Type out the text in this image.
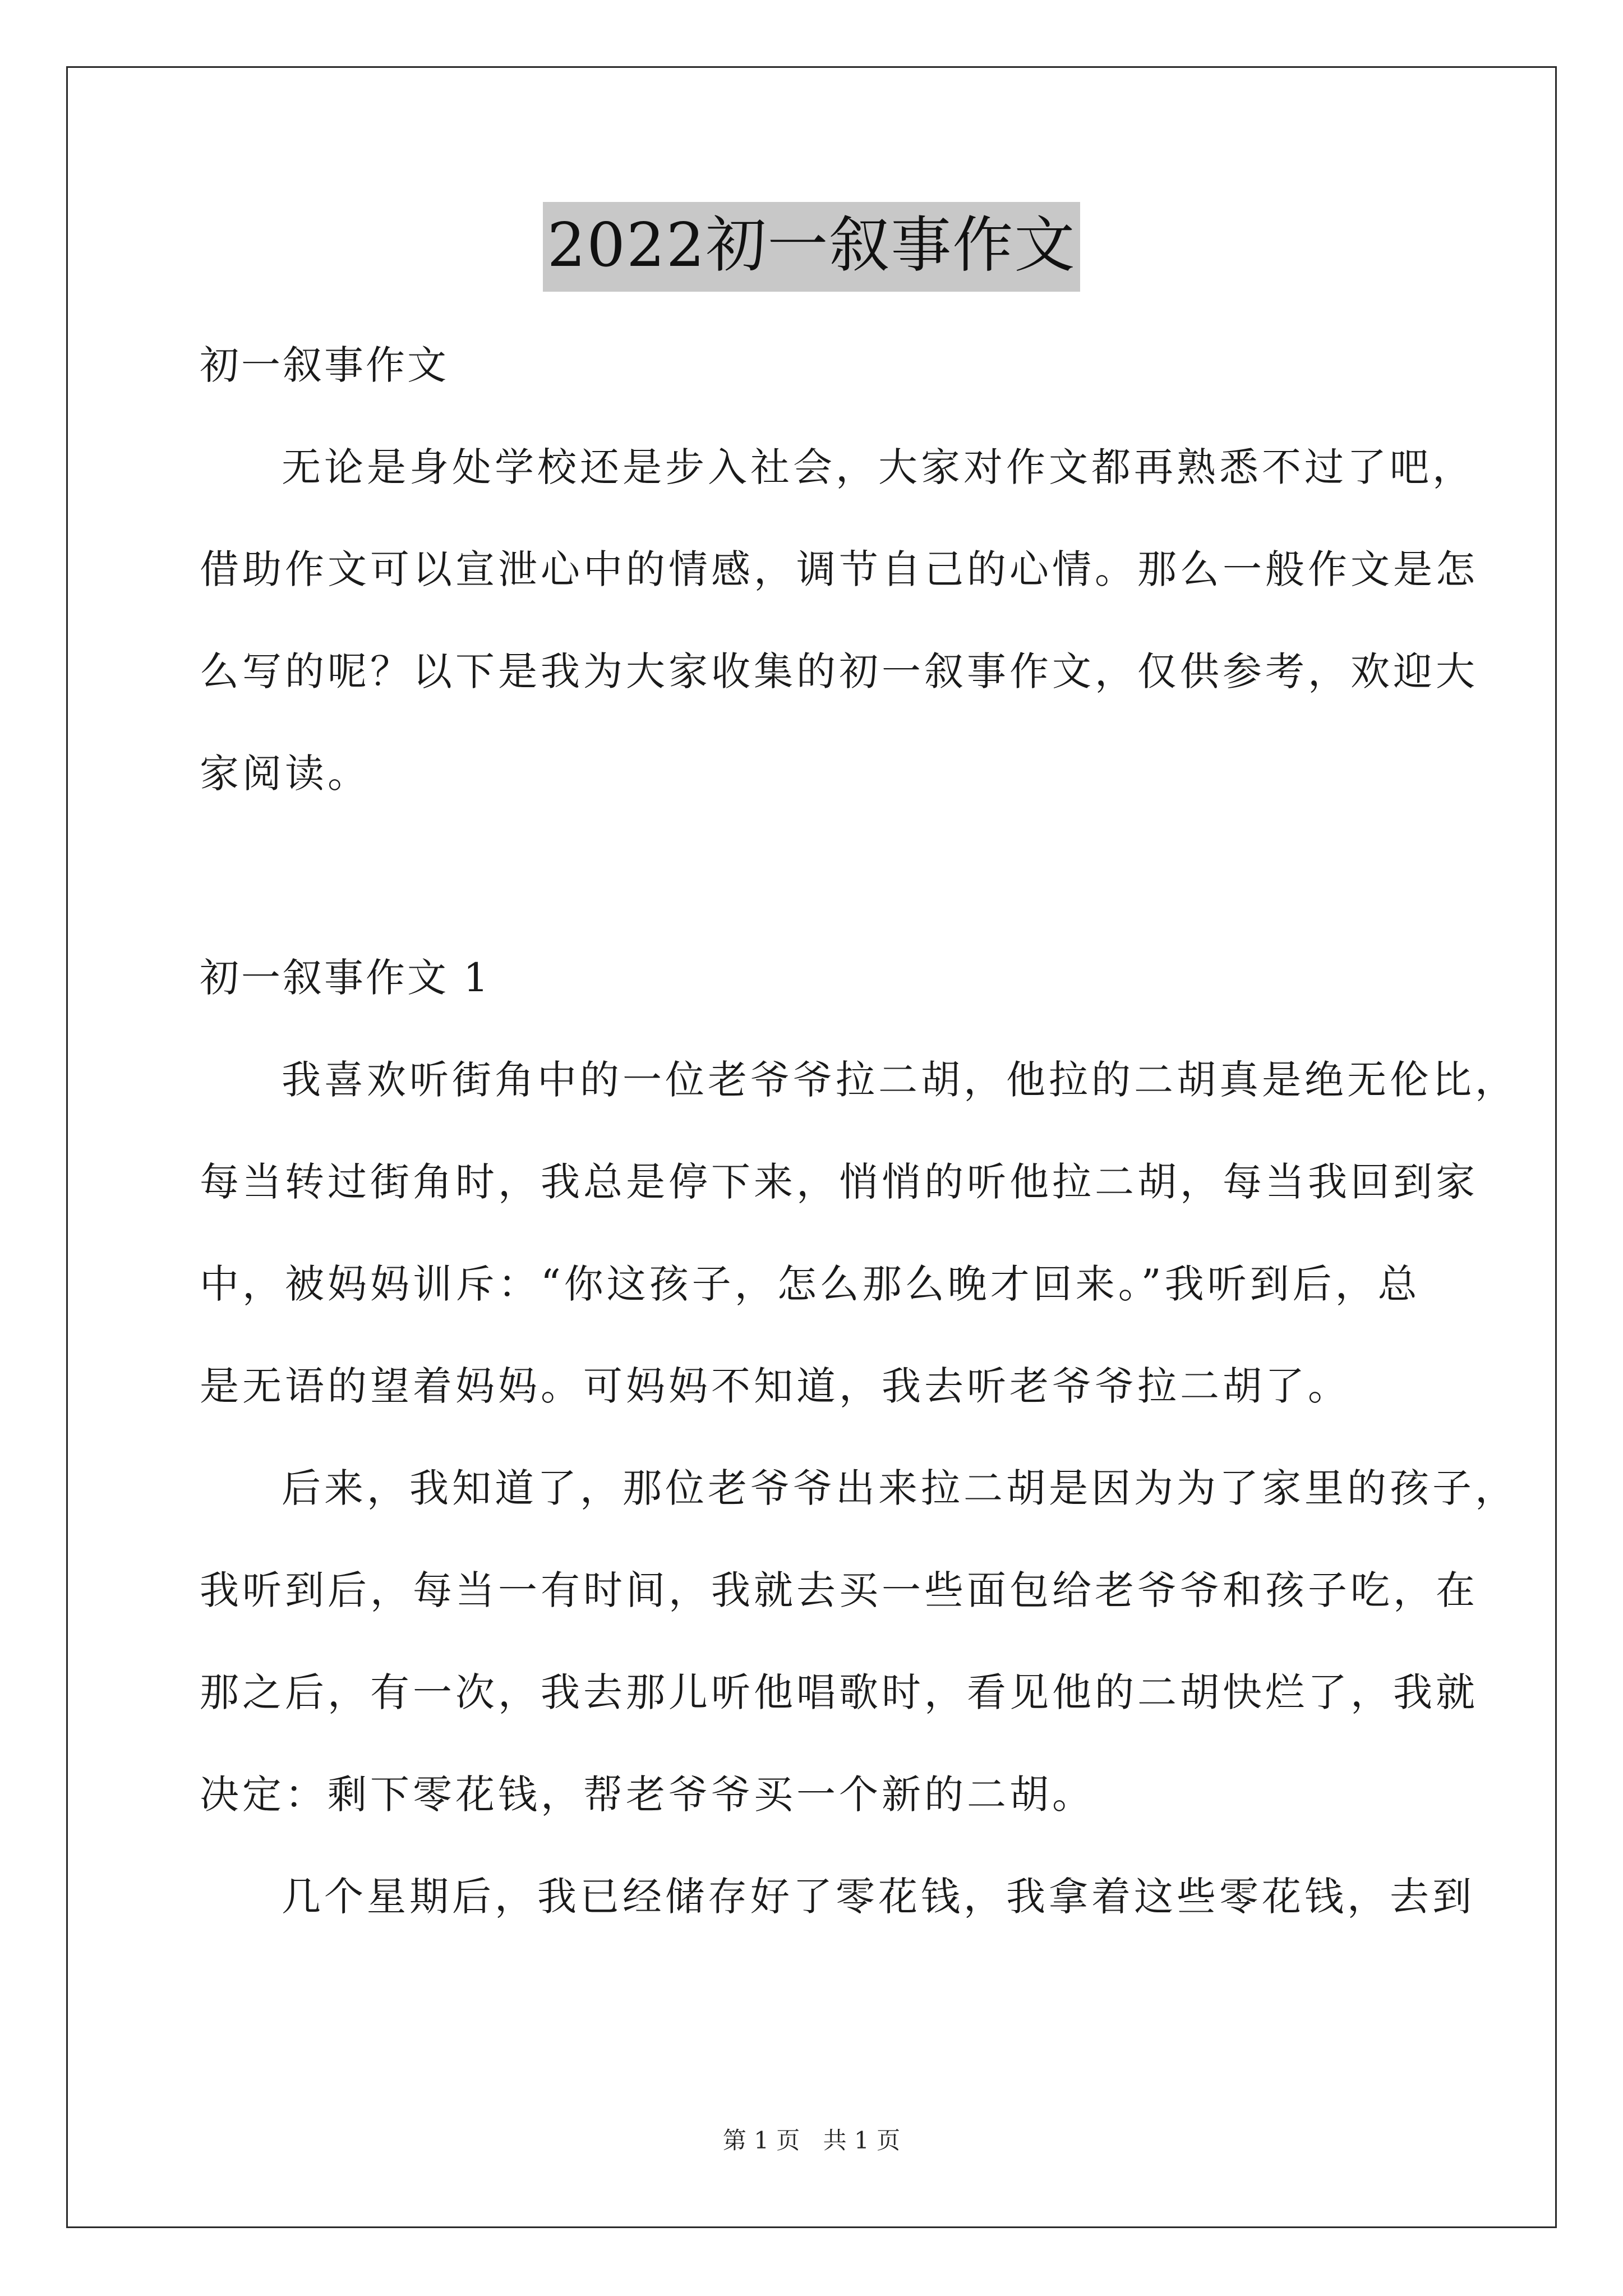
2022初一叙事作文
初一叙事作文
无论是身处学校还是步入社会，大家对作文都再熟悉不过了吧，
借助作文可以宣泄心中的情感，调节自己的心情。那么一般作文是怎
么写的呢？以下是我为大家收集的初一叙事作文，仅供参考，欢迎大
家阅读。
初一叙事作文 1
我喜欢听街角中的一位老爷爷拉二胡，他拉的二胡真是绝无伦比，
每当转过街角时，我总是停下来，悄悄的听他拉二胡，每当我回到家
中，被妈妈训斥：“你这孩子，怎么那么晚才回来。”我听到后，总
是无语的望着妈妈。可妈妈不知道，我去听老爷爷拉二胡了。
后来，我知道了，那位老爷爷出来拉二胡是因为为了家里的孩子，
我听到后，每当一有时间，我就去买一些面包给老爷爷和孩子吃，在
那之后，有一次，我去那儿听他唱歌时，看见他的二胡快烂了，我就
决定：剩下零花钱，帮老爷爷买一个新的二胡。
几个星期后，我已经储存好了零花钱，我拿着这些零花钱，去到
第 1 页 共 1 页
